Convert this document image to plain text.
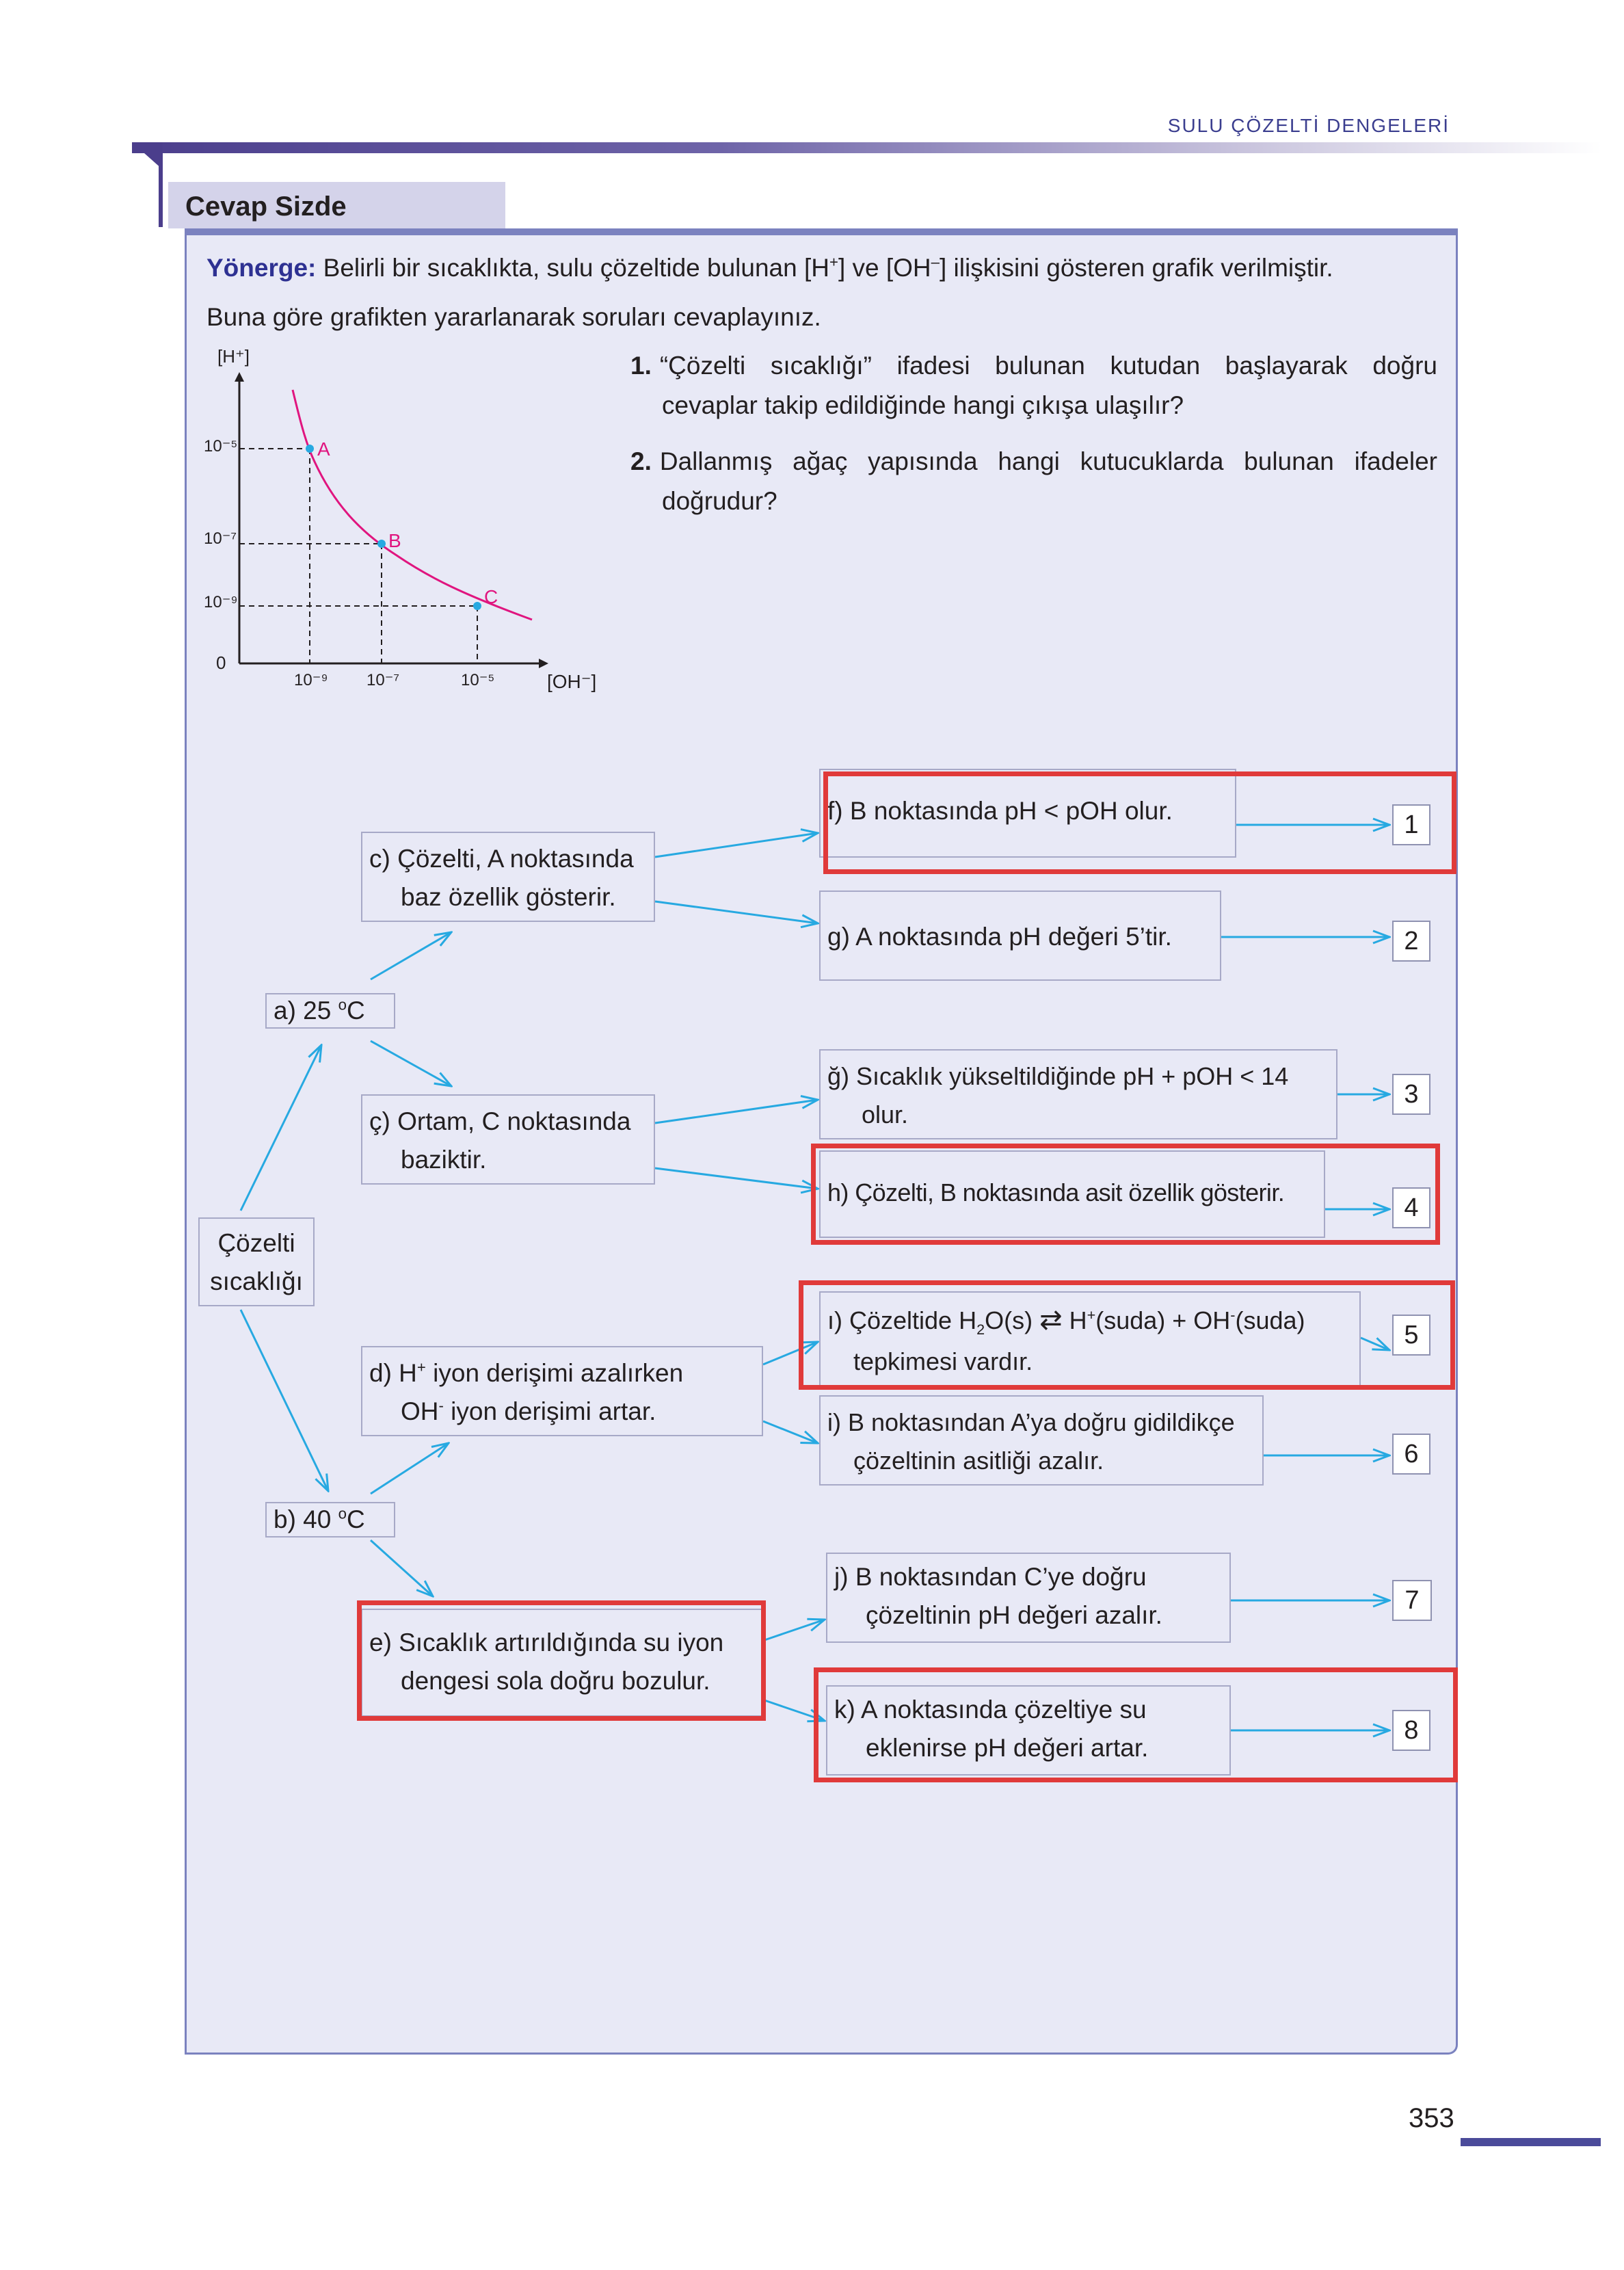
SULU ÇÖZELTİ DENGELERİ
Cevap Sizde
Yönerge: Belirli bir sıcaklıkta, sulu çözeltide bulunan [H+] ve [OH–] ilişkisini gösteren grafik verilmiştir.
Buna göre grafikten yararlanarak soruları cevaplayınız.
1. “Çözelti sıcaklığı” ifadesi bulunan kutudan başlayarak doğru
cevaplar takip edildiğinde hangi çıkışa ulaşılır?
2. Dallanmış ağaç yapısında hangi kutucuklarda bulunan ifadeler
doğrudur?
A
B
C
[H⁺]
[OH⁻]
0
10⁻⁵
10⁻⁷
10⁻⁹
10⁻⁹ 10⁻⁷	10⁻⁵
Çözelti
sıcaklığı
a) 25 $^o$C
b) 40 $^o$C
c) Çözelti, A noktasında
baz özellik gösterir.
ç) Ortam, C noktasında
baziktir.
d) H+ iyon derişimi azalırken
OH- iyon derişimi artar.
e) Sıcaklık artırıldığında su iyon
dengesi sola doğru bozulur.
f) B noktasında pH < pOH olur.
g) A noktasında pH değeri 5’tir.
ğ) Sıcaklık yükseltildiğinde pH + pOH < 14
olur.
h) Çözelti, B noktasında asit özellik gösterir.
ı) Çözeltide $H_2O(s)$ ⇄ H+(suda) + OH-(suda)
tepkimesi vardır.
i) B noktasından A’ya doğru gidildikçe
çözeltinin asitliği azalır.
j) B noktasından C’ye doğru
çözeltinin pH değeri azalır.
k) A noktasında çözeltiye su
eklenirse pH değeri artar.
1
2
3
4
5
6
7
8
353
